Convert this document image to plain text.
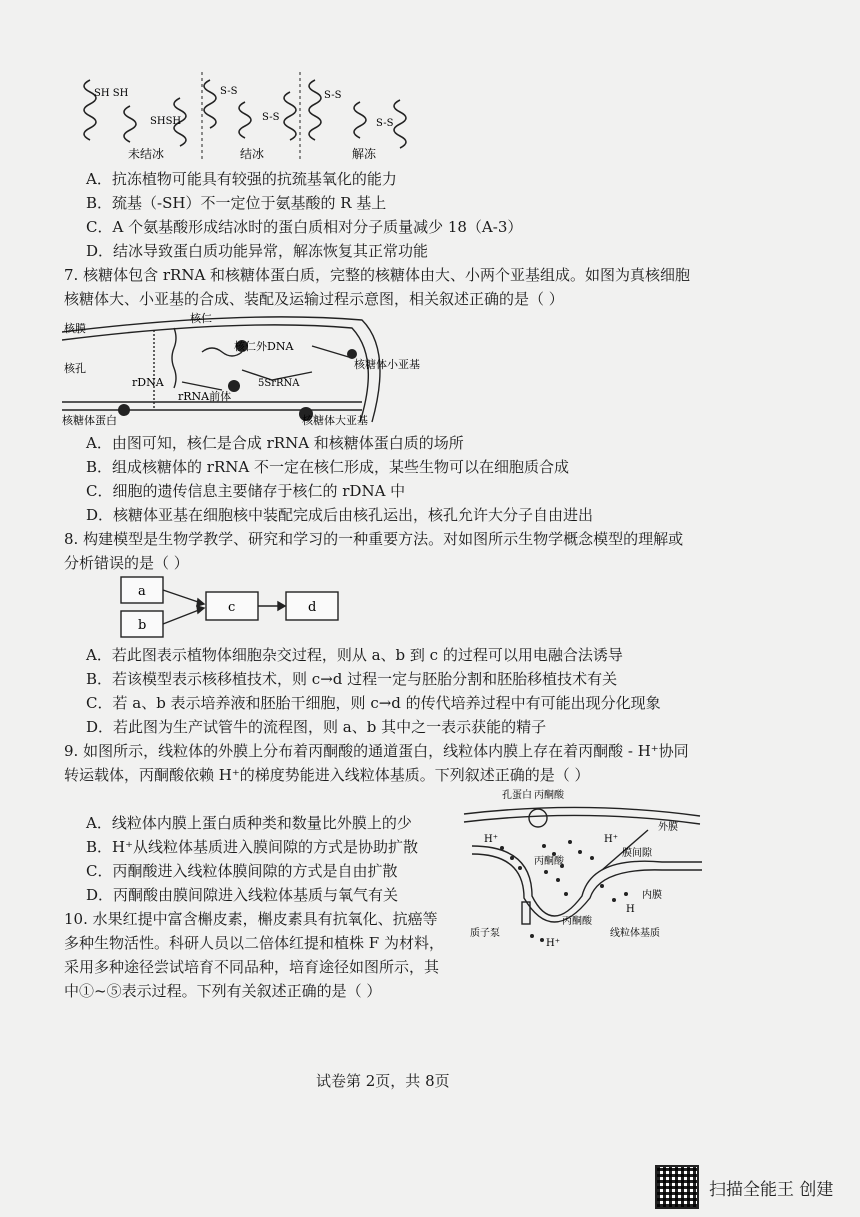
SH SH
SHSH
S-S
S-S
S-S
S-S
未结冰	结冰	解冻
A．抗冻植物可能具有较强的抗巯基氧化的能力
B．巯基（-SH）不一定位于氨基酸的 R 基上
C．A 个氨基酸形成结冰时的蛋白质相对分子质量减少 18（A-3）
D．结冰导致蛋白质功能异常，解冻恢复其正常功能
7. 核糖体包含 rRNA 和核糖体蛋白质，完整的核糖体由大、小两个亚基组成。如图为真核细胞
核糖体大、小亚基的合成、装配及运输过程示意图，相关叙述正确的是（ ）
核膜
核仁
核孔
rDNA
核仁外DNA
rRNA前体
5SrRNA
核糖体小亚基
核糖体蛋白	核糖体大亚基
A．由图可知，核仁是合成 rRNA 和核糖体蛋白质的场所
B．组成核糖体的 rRNA 不一定在核仁形成，某些生物可以在细胞质合成
C．细胞的遗传信息主要储存于核仁的 rDNA 中
D．核糖体亚基在细胞核中装配完成后由核孔运出，核孔允许大分子自由进出
8. 构建模型是生物学教学、研究和学习的一种重要方法。对如图所示生物学概念模型的理解或
分析错误的是（ ）
a
b
c	d
A．若此图表示植物体细胞杂交过程，则从 a、b 到 c 的过程可以用电融合法诱导
B．若该模型表示核移植技术，则 c→d 过程一定与胚胎分割和胚胎移植技术有关
C．若 a、b 表示培养液和胚胎干细胞，则 c→d 的传代培养过程中有可能出现分化现象
D．若此图为生产试管牛的流程图，则 a、b 其中之一表示获能的精子
9. 如图所示，线粒体的外膜上分布着丙酮酸的通道蛋白，线粒体内膜上存在着丙酮酸 - H⁺协同
转运载体，丙酮酸依赖 H⁺的梯度势能进入线粒体基质。下列叙述正确的是（ ）
A．线粒体内膜上蛋白质种类和数量比外膜上的少
B．H⁺从线粒体基质进入膜间隙的方式是协助扩散
C．丙酮酸进入线粒体膜间隙的方式是自由扩散
D．丙酮酸由膜间隙进入线粒体基质与氧气有关
孔蛋白 丙酮酸
外膜
H⁺	H⁺
膜间隙
丙酮酸
内膜
丙酮酸
H
质子泵
H⁺
线粒体基质
10. 水果红提中富含槲皮素，槲皮素具有抗氧化、抗癌等
多种生物活性。科研人员以二倍体红提和植株 F 为材料，
采用多种途径尝试培育不同品种，培育途径如图所示，其
中①~⑤表示过程。下列有关叙述正确的是（ ）
试卷第 2页，共 8页
扫描全能王 创建
